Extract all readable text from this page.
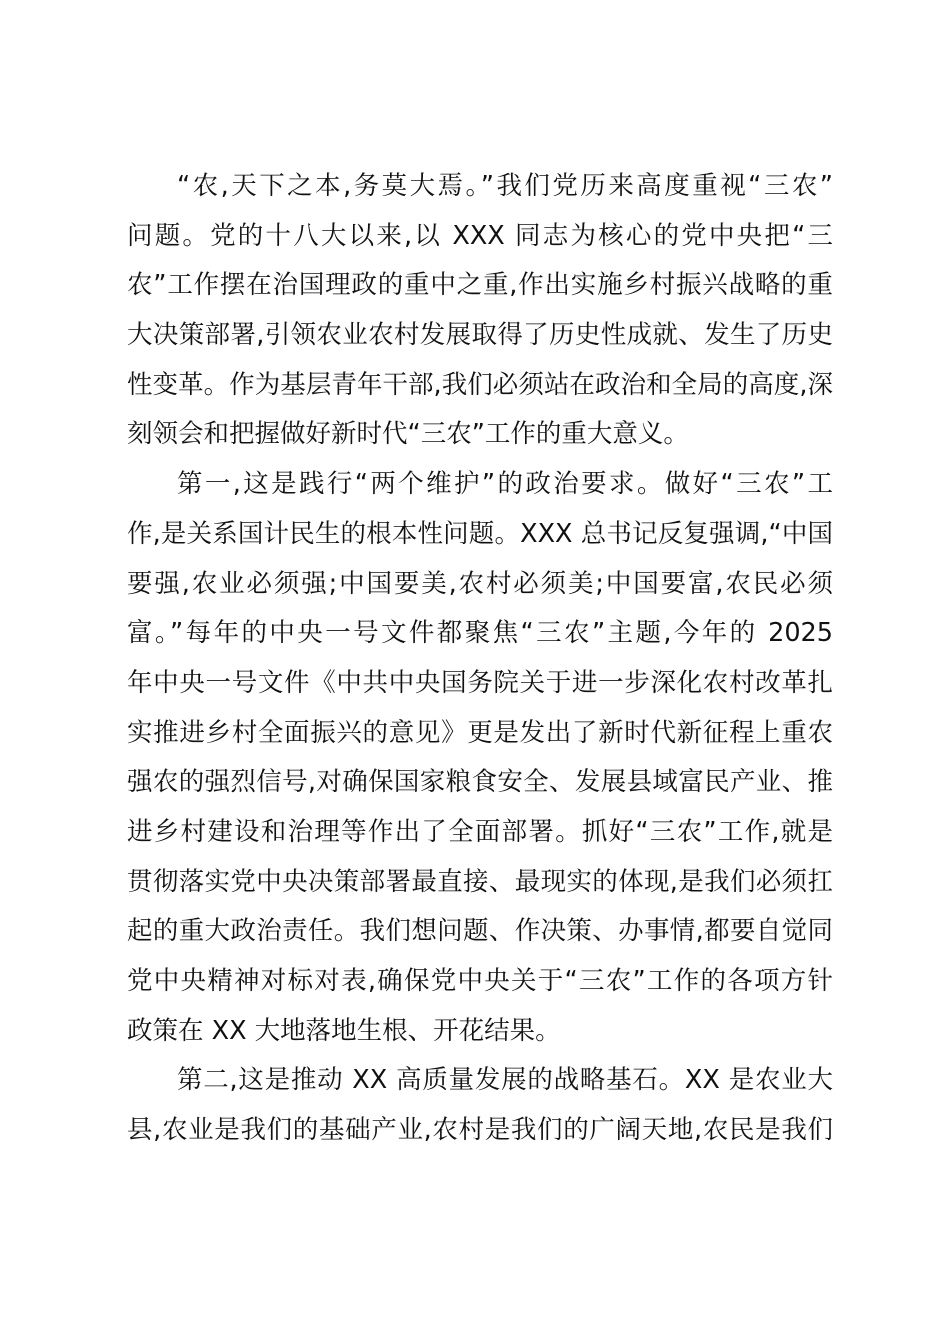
“农,天下之本,务莫大焉。”我们党历来高度重视“三农”
问题。党的十八大以来,以 XXX 同志为核心的党中央把“三
农”工作摆在治国理政的重中之重,作出实施乡村振兴战略的重
大决策部署,引领农业农村发展取得了历史性成就、发生了历史
性变革。作为基层青年干部,我们必须站在政治和全局的高度,深
刻领会和把握做好新时代“三农”工作的重大意义。
第一,这是践行“两个维护”的政治要求。做好“三农”工
作,是关系国计民生的根本性问题。XXX 总书记反复强调,“中国
要强,农业必须强;中国要美,农村必须美;中国要富,农民必须
富。”每年的中央一号文件都聚焦“三农”主题,今年的 2025
年中央一号文件《中共中央国务院关于进一步深化农村改革扎
实推进乡村全面振兴的意见》更是发出了新时代新征程上重农
强农的强烈信号,对确保国家粮食安全、发展县域富民产业、推
进乡村建设和治理等作出了全面部署。抓好“三农”工作,就是
贯彻落实党中央决策部署最直接、最现实的体现,是我们必须扛
起的重大政治责任。我们想问题、作决策、办事情,都要自觉同
党中央精神对标对表,确保党中央关于“三农”工作的各项方针
政策在 XX 大地落地生根、开花结果。
第二,这是推动 XX 高质量发展的战略基石。XX 是农业大
县,农业是我们的基础产业,农村是我们的广阔天地,农民是我们
